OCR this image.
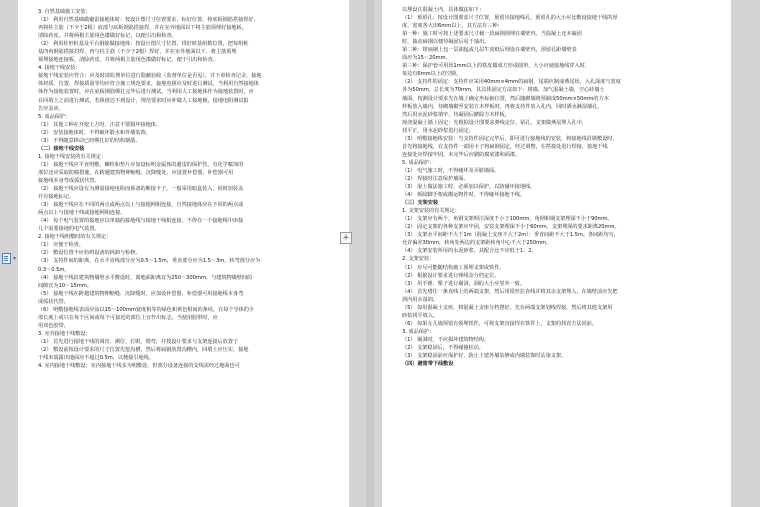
3. 自然基础施工安装：
（1） 利用自然基础做避雷接地体时：按设计图尺寸位置要求，标好位置，将底板钢筋搭接焊好，
再将柱主筋（不少于2根）底部与底板钢筋搭接焊，并在室外地面以下将主筋预埋好接地板，
清除药皮，并将两根主筋用色漆做好标记，以便引出和检查。
（2） 利用柱形桩基及平台钢筋做接地体：按设计图尺寸位置，找好桩基组数位置，把每组桩
基四角钢筋搭接封焊，再与柱主筋（不少于2根）焊好，并在室外地面以下，将主筋预埋
预埋接地连接板，清除药皮，并将两根主筋用色漆做好标记，便于引出和检查。
4. 接地干线安装：
接地干线安装应符合：应及时请监理单位进行隐蔽验收（监督单位是否见），并下单检查记录，接地
体材质、位置、焊接质量等均应符合施工规范要求，接地电阻应及时进行测试，当利用自然接地体
体作为接地装置时，应在底板钢筋绑扎完毕后进行测试，当利用人工接地体作为接地装置时，应
在回填土之前进行测试，若阻值达不到设计，规范要求时应补做人工接地极，接地电阻测试报
告应盖章。
5. 成品保护：
（1） 其他工种在开挖土方时，注意不要损坏接地体。
（2） 安装接地体时，不得破坏散水和外墙装饰。
（3） 不得随意移动已经绑扎好的结构钢筋。
（二）接地干线安装
1. 接地干线安装的有关规定：
（1） 接地干线应平直明敷，螺栓和垫片应加设标明金属体的避雷的保护管，有化学腐蚀的
部位还应采取防腐措施，在跨越建筑物伸缩缝、沉降缝处，应设置补偿器，补偿器可用
接地线本身弯成弧状代替。
（2） 接地干线应设有为测量接地电阻而预备的断接卡子，一般采用暗盒装入，同时加装盖
并有接地标记。
（3） 接地干线应在不同的两点或两点以上与接地网相连接，自然接地体应在不同的两点或
两点以上与接地干线或接地网相连接。
（4） 每个电气装置的接地应以单独的接地线与接地干线相连接，不得在一个接地线中串接
几个需要接地的电气装置。
2. 接地干线明敷时的有关规定：
（1） 应便于检查。
（2） 敷设位置不应妨碍设备的拆卸与检修。
（3） 支持件间的距离，在水平直线部分应为0.5～1.5m，垂直部分应为1.5～3m，转弯部分应为
0.3～0.5m。
（4） 接地干线沿建筑物墙壁水平敷设时，离地面距离宜为250～300mm，与建筑物墙壁间的
间隙宜为10～15mm。
（5） 接地干线在跨越建筑物伸缩缝、沉降缝时，应加设补偿器，补偿器可用接地线本身弯
成弧状代替。
（6） 明敷接地线表面应涂以15～100mm宽度相等的绿色和黄色相间的条纹，在每个导体的全
部长度上或只在每个区间或每个可接近的部位上宜作出标志，当使用胶带时，应
用双色胶带。
3. 室外接地干线敷设：
（1） 首先进行接地干线的调直、测位、打眼、煨弯，并按设计要求与支架连接后放置于
（2） 敷设前按设计要求的尺寸位置先挖沟槽，然后将扁钢放置沟槽内，回填土应压实，接地
干线末端露出地面应不超过0.5m，以便接引地线。
4. 室内接地干线敷设：室内接地干线多为明敷设，但部分设备连接的支线需经过地面也可
+
以埋设在混凝土内，具体做法如下：
（1） 预留孔：按设计图要求尺寸位置，预留出接地线孔，预留孔的大小应比敷设接地干线的厚
度、宽度各大出6mm以上，其方法有三种：
第一种：施工时可按上述要求尺寸截一段扁钢预埋在墙壁内，当混凝土还未凝固
时，抽动扁钢以便待凝固后易于抽出。
第二种：将扁钢上包一层油毡或几层牛皮纸后埋设在墙壁内，预留孔距墙壁表
面应为15～20mm。
第三种：保护套可用厚1mm以上的铁皮做成方形或圆形，大小应使接地线穿入时，
每边有6mm以上的空隙。
（2） 支持件的固定：支持件应采用40mm×4mm的扁钢，尾端应制成燕尾状，入孔深度与宽度
各为50mm，总长度为70mm，其具体固定方法如下：将墙、加气混凝土墙，空心砖墙土
墙面，按测设计要求先在墙上确定坐标轴位置，然后随砌墙将预制成50mm×50mm的方木
样板放入墙内，待砌墙砌至安装方木样板时，再将支持件放入孔内，同时洒水淋湿墙孔，
然后用水泥砂浆填牢，待凝固后撤除方木样板。
现浇混凝土墙上固定：先根据设计图要求弹线定位、钻孔，支架做燕尾埋入孔中，
找平正，用水泥砂浆进行固定。
（3） 明敷接地线安装：当支持件固定完毕后，即可进行接地线的安装，将接地线沿墙敷设时，
首先将接地线，在支持件一端用卡子将扁钢固定，经过调整，在搭接处进行焊接，接地干线
连接处应焊接牢固，未完毕后应刷防腐底漆和面漆。
5. 成品保护：
（1） 电气施工时，不得碰坏及弄脏墙面。
（2） 焊接时注意保护墙面。
（3） 混土做法施工时，必须加以保护，以防碰坏接地线。
（4） 拆除脚手架或搬运物件时，不得碰坏接地干线。
（三）支架安装
1. 支架安装的有关规定：
（1） 支架应有两个，角钢支架埋注深度不小于100mm，角钢和钢支架埋深不小于90mm。
（2） 固定支架的各种支架应牢固，安装支架埋深不小于60mm，支架埋深的要求距离20mm。
（3） 支架水平间距不大于1m（混凝土支座不大于2m）；垂直间距不大于1.5m。各间距均匀，
允许偏差30mm，转角处两边的支架距转角中心不大于250mm。
（4） 支架安装所用的水泥砂浆，其配合比不应低于1：2。
2. 支架安装：
（1） 应尽可能随结构施工预埋支架或铁件。
（2） 根据设计要求进行弹线及分档定位。
（3） 用手锤、錾子进行剔洞，洞的大小应里外一致。
（4） 首先堵住一条直线上的两端支架，然后用铅丝拉直线并将其余支架埋入，在墙壁前应先把
洞内用水湿润。
（5） 如用混凝土支座，将混凝土支座分档摆好，先在两端支架划线焊接，然后将其他支架用
砂浆找平填入。
（6） 如果女儿墙预留有预埋铁件，可将支架直接焊在铁件上，支架的找直方法同前。
3. 成品保护：
（1） 剔洞时，不应损坏建筑物结构。
（2） 支架稳固后，不得碰撞松动。
（3） 支架稳固前应保护好，防止土建外墙装修或内墙装饰时沾染支架。
（四）避雷带下线敷设
▾
